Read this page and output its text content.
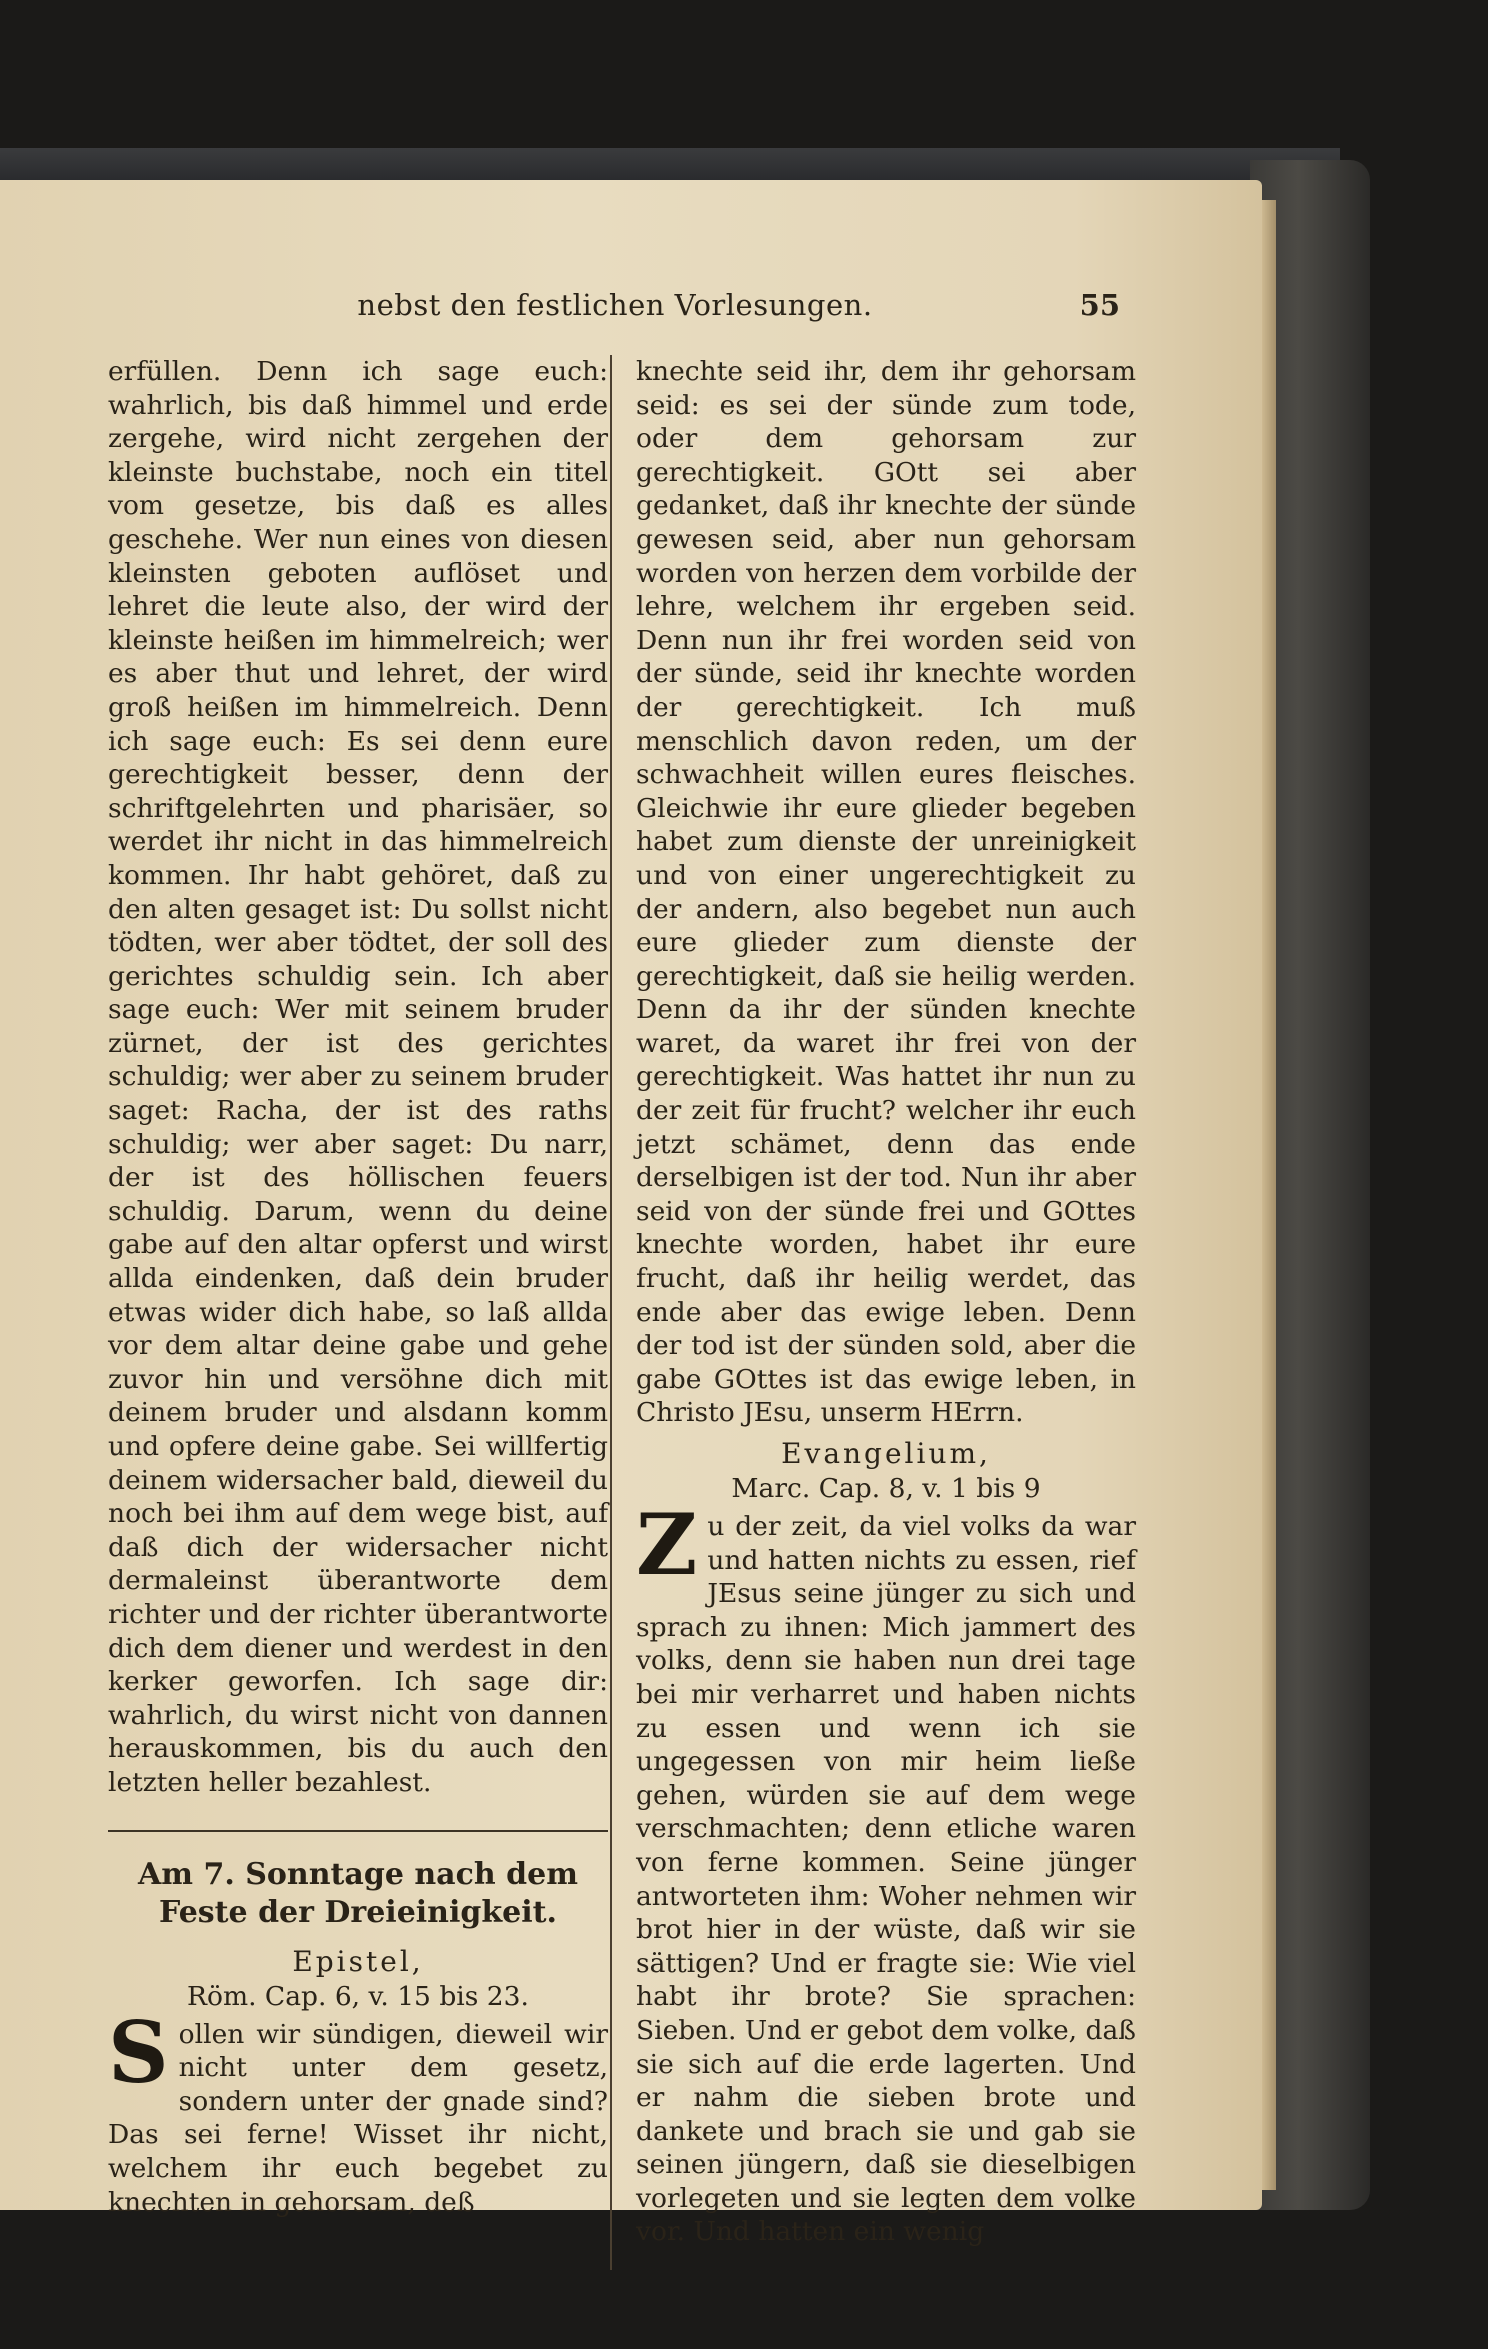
nebst den festlichen Vorlesungen.	55

erfüllen. Denn ich sage euch: wahrlich, bis daß himmel und erde zergehe, wird nicht zergehen der kleinste buchstabe, noch ein titel vom gesetze, bis daß es alles geschehe. Wer nun eines von diesen kleinsten geboten auflöset und lehret die leute also, der wird der kleinste heißen im himmelreich; wer es aber thut und lehret, der wird groß heißen im himmelreich. Denn ich sage euch: Es sei denn eure gerechtigkeit besser, denn der schriftgelehrten und pharisäer, so werdet ihr nicht in das himmelreich kommen. Ihr habt gehöret, daß zu den alten gesaget ist: Du sollst nicht tödten, wer aber tödtet, der soll des gerichtes schuldig sein. Ich aber sage euch: Wer mit seinem bruder zürnet, der ist des gerichtes schuldig; wer aber zu seinem bruder saget: Racha, der ist des raths schuldig; wer aber saget: Du narr, der ist des höllischen feuers schuldig. Darum, wenn du deine gabe auf den altar opferst und wirst allda eindenken, daß dein bruder etwas wider dich habe, so laß allda vor dem altar deine gabe und gehe zuvor hin und versöhne dich mit deinem bruder und alsdann komm und opfere deine gabe. Sei willfertig deinem widersacher bald, dieweil du noch bei ihm auf dem wege bist, auf daß dich der widersacher nicht dermaleinst überantworte dem richter und der richter überantworte dich dem diener und werdest in den kerker geworfen. Ich sage dir: wahrlich, du wirst nicht von dannen herauskommen, bis du auch den letzten heller bezahlest.

Am 7. Sonntage nach dem Feste der Dreieinigkeit.
Epistel,
Röm. Cap. 6, v. 15 bis 23.

Sollen wir sündigen, dieweil wir nicht unter dem gesetz, sondern unter der gnade sind? Das sei ferne! Wisset ihr nicht, welchem ihr euch begebet zu knechten in gehorsam, deß

knechte seid ihr, dem ihr gehorsam seid: es sei der sünde zum tode, oder dem gehorsam zur gerechtigkeit. GOtt sei aber gedanket, daß ihr knechte der sünde gewesen seid, aber nun gehorsam worden von herzen dem vorbilde der lehre, welchem ihr ergeben seid. Denn nun ihr frei worden seid von der sünde, seid ihr knechte worden der gerechtigkeit. Ich muß menschlich davon reden, um der schwachheit willen eures fleisches. Gleichwie ihr eure glieder begeben habet zum dienste der unreinigkeit und von einer ungerechtigkeit zu der andern, also begebet nun auch eure glieder zum dienste der gerechtigkeit, daß sie heilig werden. Denn da ihr der sünden knechte waret, da waret ihr frei von der gerechtigkeit. Was hattet ihr nun zu der zeit für frucht? welcher ihr euch jetzt schämet, denn das ende derselbigen ist der tod. Nun ihr aber seid von der sünde frei und GOttes knechte worden, habet ihr eure frucht, daß ihr heilig werdet, das ende aber das ewige leben. Denn der tod ist der sünden sold, aber die gabe GOttes ist das ewige leben, in Christo JEsu, unserm HErrn.

Evangelium,
Marc. Cap. 8, v. 1 bis 9

Zu der zeit, da viel volks da war und hatten nichts zu essen, rief JEsus seine jünger zu sich und sprach zu ihnen: Mich jammert des volks, denn sie haben nun drei tage bei mir verharret und haben nichts zu essen und wenn ich sie ungegessen von mir heim ließe gehen, würden sie auf dem wege verschmachten; denn etliche waren von ferne kommen. Seine jünger antworteten ihm: Woher nehmen wir brot hier in der wüste, daß wir sie sättigen? Und er fragte sie: Wie viel habt ihr brote? Sie sprachen: Sieben. Und er gebot dem volke, daß sie sich auf die erde lagerten. Und er nahm die sieben brote und dankete und brach sie und gab sie seinen jüngern, daß sie dieselbigen vorlegeten und sie legten dem volke vor. Und hatten ein wenig
